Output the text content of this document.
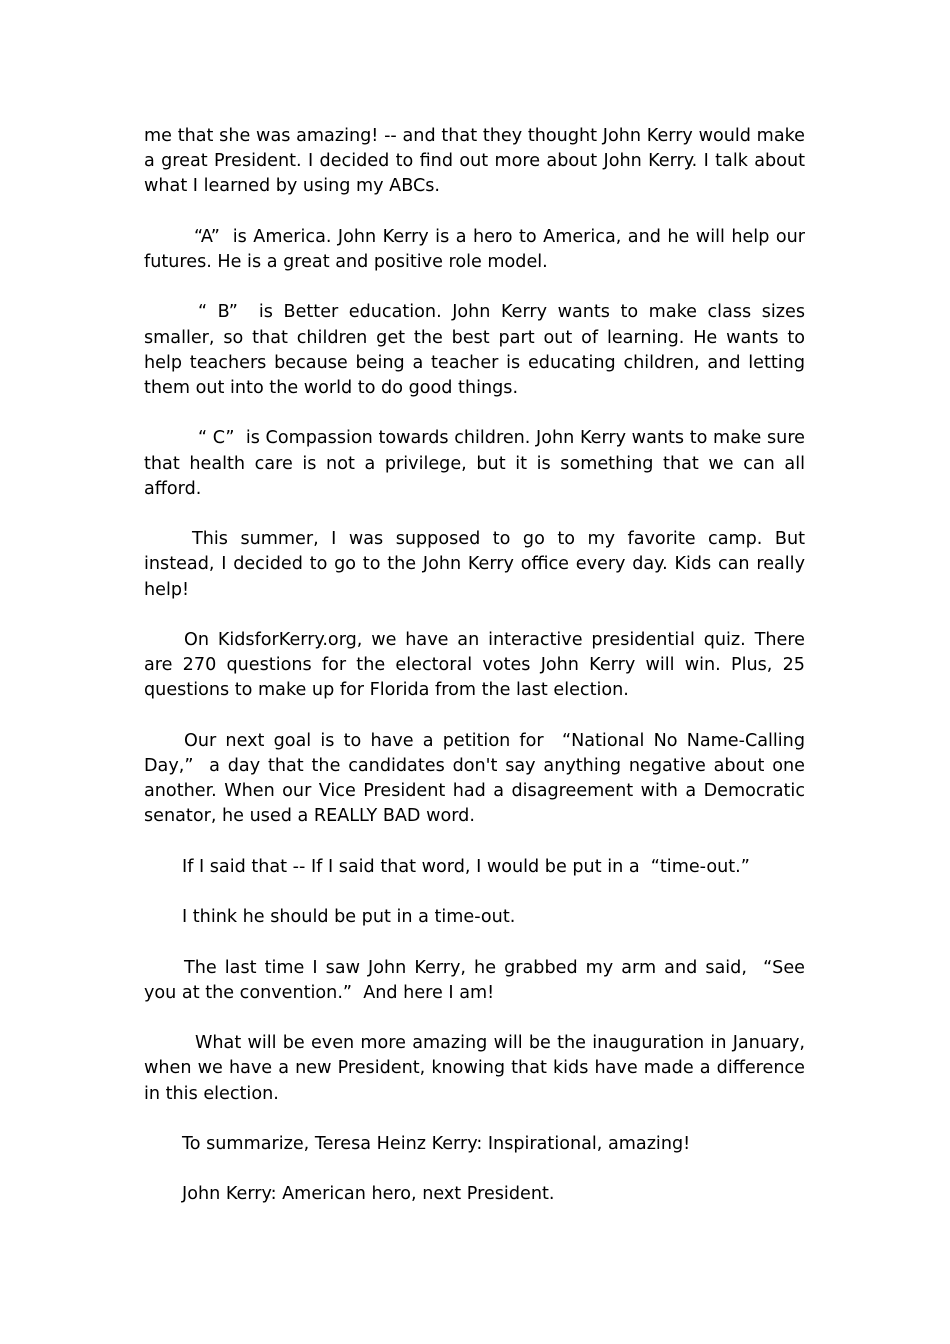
me that she was amazing! -- and that they thought John Kerry would make a great President. I decided to find out more about John Kerry. I talk about what I learned by using my ABCs.

“A”  is America. John Kerry is a hero to America, and he will help our futures. He is a great and positive role model.

“ B”  is Better education. John Kerry wants to make class sizes smaller, so that children get the best part out of learning. He wants to help teachers because being a teacher is educating children, and letting them out into the world to do good things.

“ C”  is Compassion towards children. John Kerry wants to make sure that health care is not a privilege, but it is something that we can all afford.

This summer, I was supposed to go to my favorite camp. But instead, I decided to go to the John Kerry office every day. Kids can really help!

On KidsforKerry.org, we have an interactive presidential quiz. There are 270 questions for the electoral votes John Kerry will win. Plus, 25 questions to make up for Florida from the last election.

Our next goal is to have a petition for  “National No Name-Calling Day,”  a day that the candidates don't say anything negative about one another. When our Vice President had a disagreement with a Democratic senator, he used a REALLY BAD word.

If I said that -- If I said that word, I would be put in a  “time-out.”

I think he should be put in a time-out.

The last time I saw John Kerry, he grabbed my arm and said,  “See you at the convention.”  And here I am!

What will be even more amazing will be the inauguration in January, when we have a new President, knowing that kids have made a difference in this election.

To summarize, Teresa Heinz Kerry: Inspirational, amazing!

John Kerry: American hero, next President.
